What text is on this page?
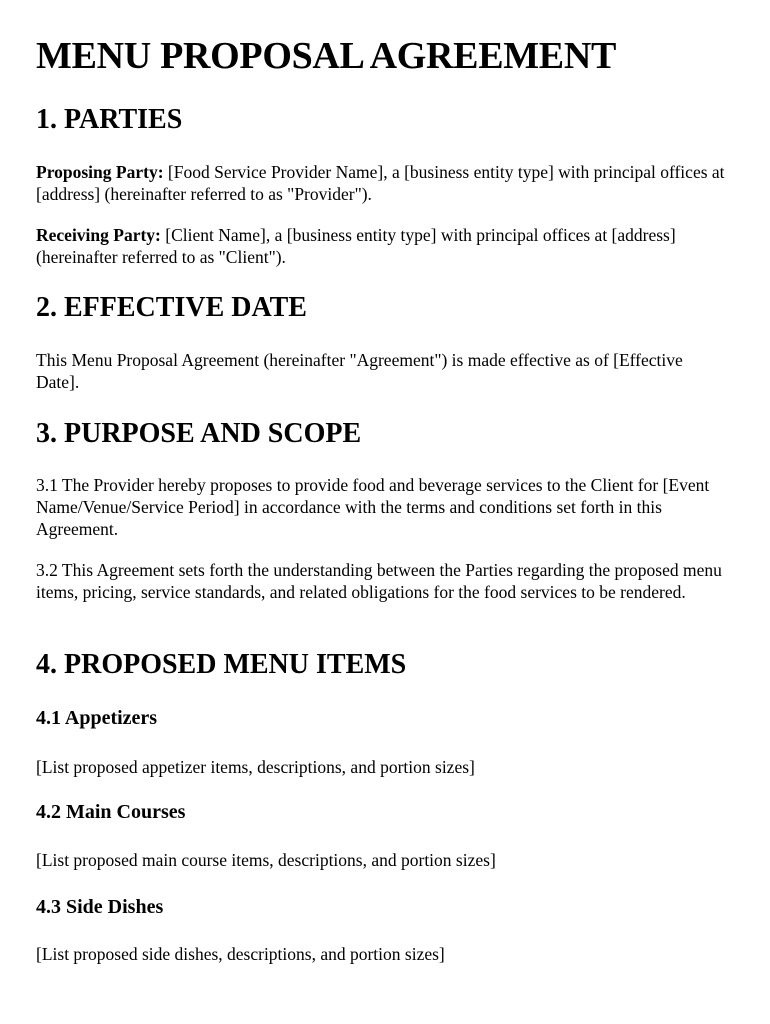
MENU PROPOSAL AGREEMENT
1. PARTIES

Proposing Party: [Food Service Provider Name], a [business entity type] with principal offices at [address] (hereinafter referred to as "Provider").

Receiving Party: [Client Name], a [business entity type] with principal offices at [address] (hereinafter referred to as "Client").

2. EFFECTIVE DATE

This Menu Proposal Agreement (hereinafter "Agreement") is made effective as of [Effective Date].

3. PURPOSE AND SCOPE

3.1 The Provider hereby proposes to provide food and beverage services to the Client for [Event Name/Venue/Service Period] in accordance with the terms and conditions set forth in this Agreement.

3.2 This Agreement sets forth the understanding between the Parties regarding the proposed menu items, pricing, service standards, and related obligations for the food services to be rendered.

4. PROPOSED MENU ITEMS
4.1 Appetizers

[List proposed appetizer items, descriptions, and portion sizes]

4.2 Main Courses

[List proposed main course items, descriptions, and portion sizes]

4.3 Side Dishes

[List proposed side dishes, descriptions, and portion sizes]
